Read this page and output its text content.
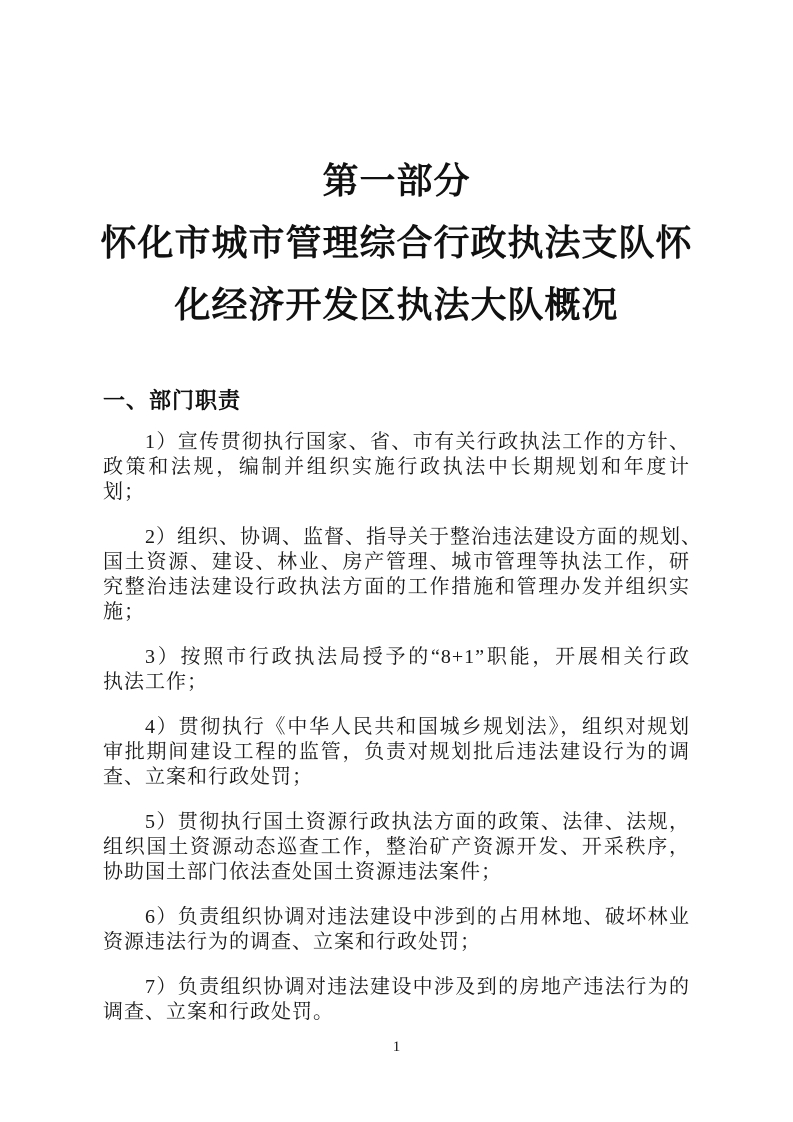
第一部分
怀化市城市管理综合行政执法支队怀
化经济开发区执法大队概况
一、部门职责

1）宣传贯彻执行国家、省、市有关行政执法工作的方针、
政策和法规，编制并组织实施行政执法中长期规划和年度计划；

2）组织、协调、监督、指导关于整治违法建设方面的规划、
国土资源、建设、林业、房产管理、城市管理等执法工作，研
究整治违法建设行政执法方面的工作措施和管理办发并组织实
施；

3）按照市行政执法局授予的“8+1”职能，开展相关行政
执法工作；

4）贯彻执行《中华人民共和国城乡规划法》，组织对规划
审批期间建设工程的监管，负责对规划批后违法建设行为的调
查、立案和行政处罚；

5）贯彻执行国土资源行政执法方面的政策、法律、法规，
组织国土资源动态巡查工作，整治矿产资源开发、开采秩序，
协助国土部门依法查处国土资源违法案件；

6）负责组织协调对违法建设中涉到的占用林地、破坏林业
资源违法行为的调查、立案和行政处罚；

7）负责组织协调对违法建设中涉及到的房地产违法行为的
调查、立案和行政处罚。

1
